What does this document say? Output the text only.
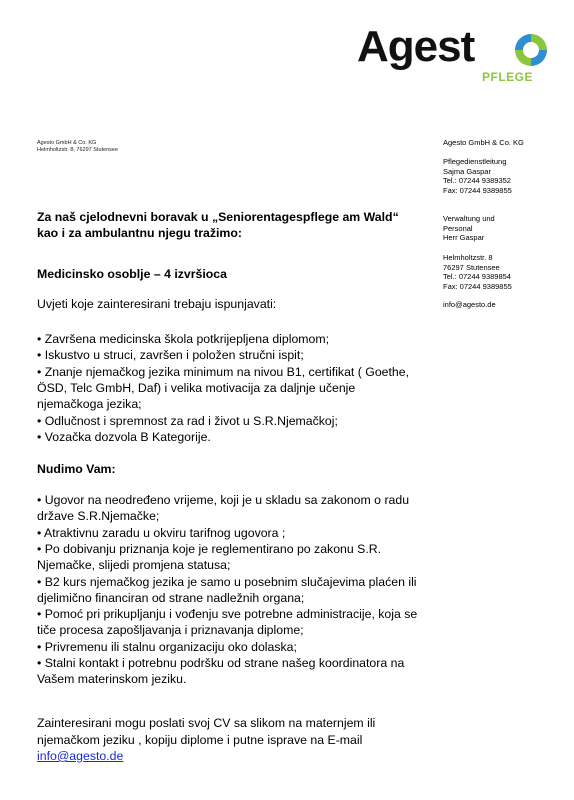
Agest
PFLEGE
Agesto GmbH & Co. KG
Helmholtzstr. 8, 76297 Stutensee
Agesto GmbH & Co. KG
Pflegedienstleitung
Sajma Gaspar
Tel.: 07244 9389352
Fax: 07244 9389855
Verwaltung und
Personal
Herr Gaspar
Helmholtzstr. 8
76297 Stutensee
Tel.: 07244 9389854
Fax: 07244 9389855
info@agesto.de
Za naš cjelodnevni boravak u „Seniorentagespflege am Wald“
kao i za ambulantnu njegu tražimo:
Medicinsko osoblje – 4 izvršioca
Uvjeti koje zainteresirani trebaju ispunjavati:
• Završena medicinska škola potkrijepljena diplomom;
• Iskustvo u struci, završen i položen stručni ispit;
• Znanje njemačkog jezika minimum na nivou B1, certifikat ( Goethe,
ÖSD, Telc GmbH, Daf) i velika motivacija za daljnje učenje
njemačkoga jezika;
• Odlučnost i spremnost za rad i život u S.R.Njemačkoj;
• Vozačka dozvola B Kategorije.
Nudimo Vam:
• Ugovor na neodređeno vrijeme, koji je u skladu sa zakonom o radu
države S.R.Njemačke;
• Atraktivnu zaradu u okviru tarifnog ugovora ;
• Po dobivanju priznanja koje je reglementirano po zakonu S.R.
Njemačke, slijedi promjena statusa;
• B2 kurs njemačkog jezika je samo u posebnim slučajevima plaćen ili
djelimično financiran od strane nadležnih organa;
• Pomoć pri prikupljanju i vođenju sve potrebne administracije, koja se
tiče procesa zapošljavanja i priznavanja diplome;
• Privremenu ili stalnu organizaciju oko dolaska;
• Stalni kontakt i potrebnu podršku od strane našeg koordinatora na
Vašem materinskom jeziku.
Zainteresirani mogu poslati svoj CV sa slikom na maternjem ili
njemačkom jeziku , kopiju diplome i putne isprave na E-mail
info@agesto.de
